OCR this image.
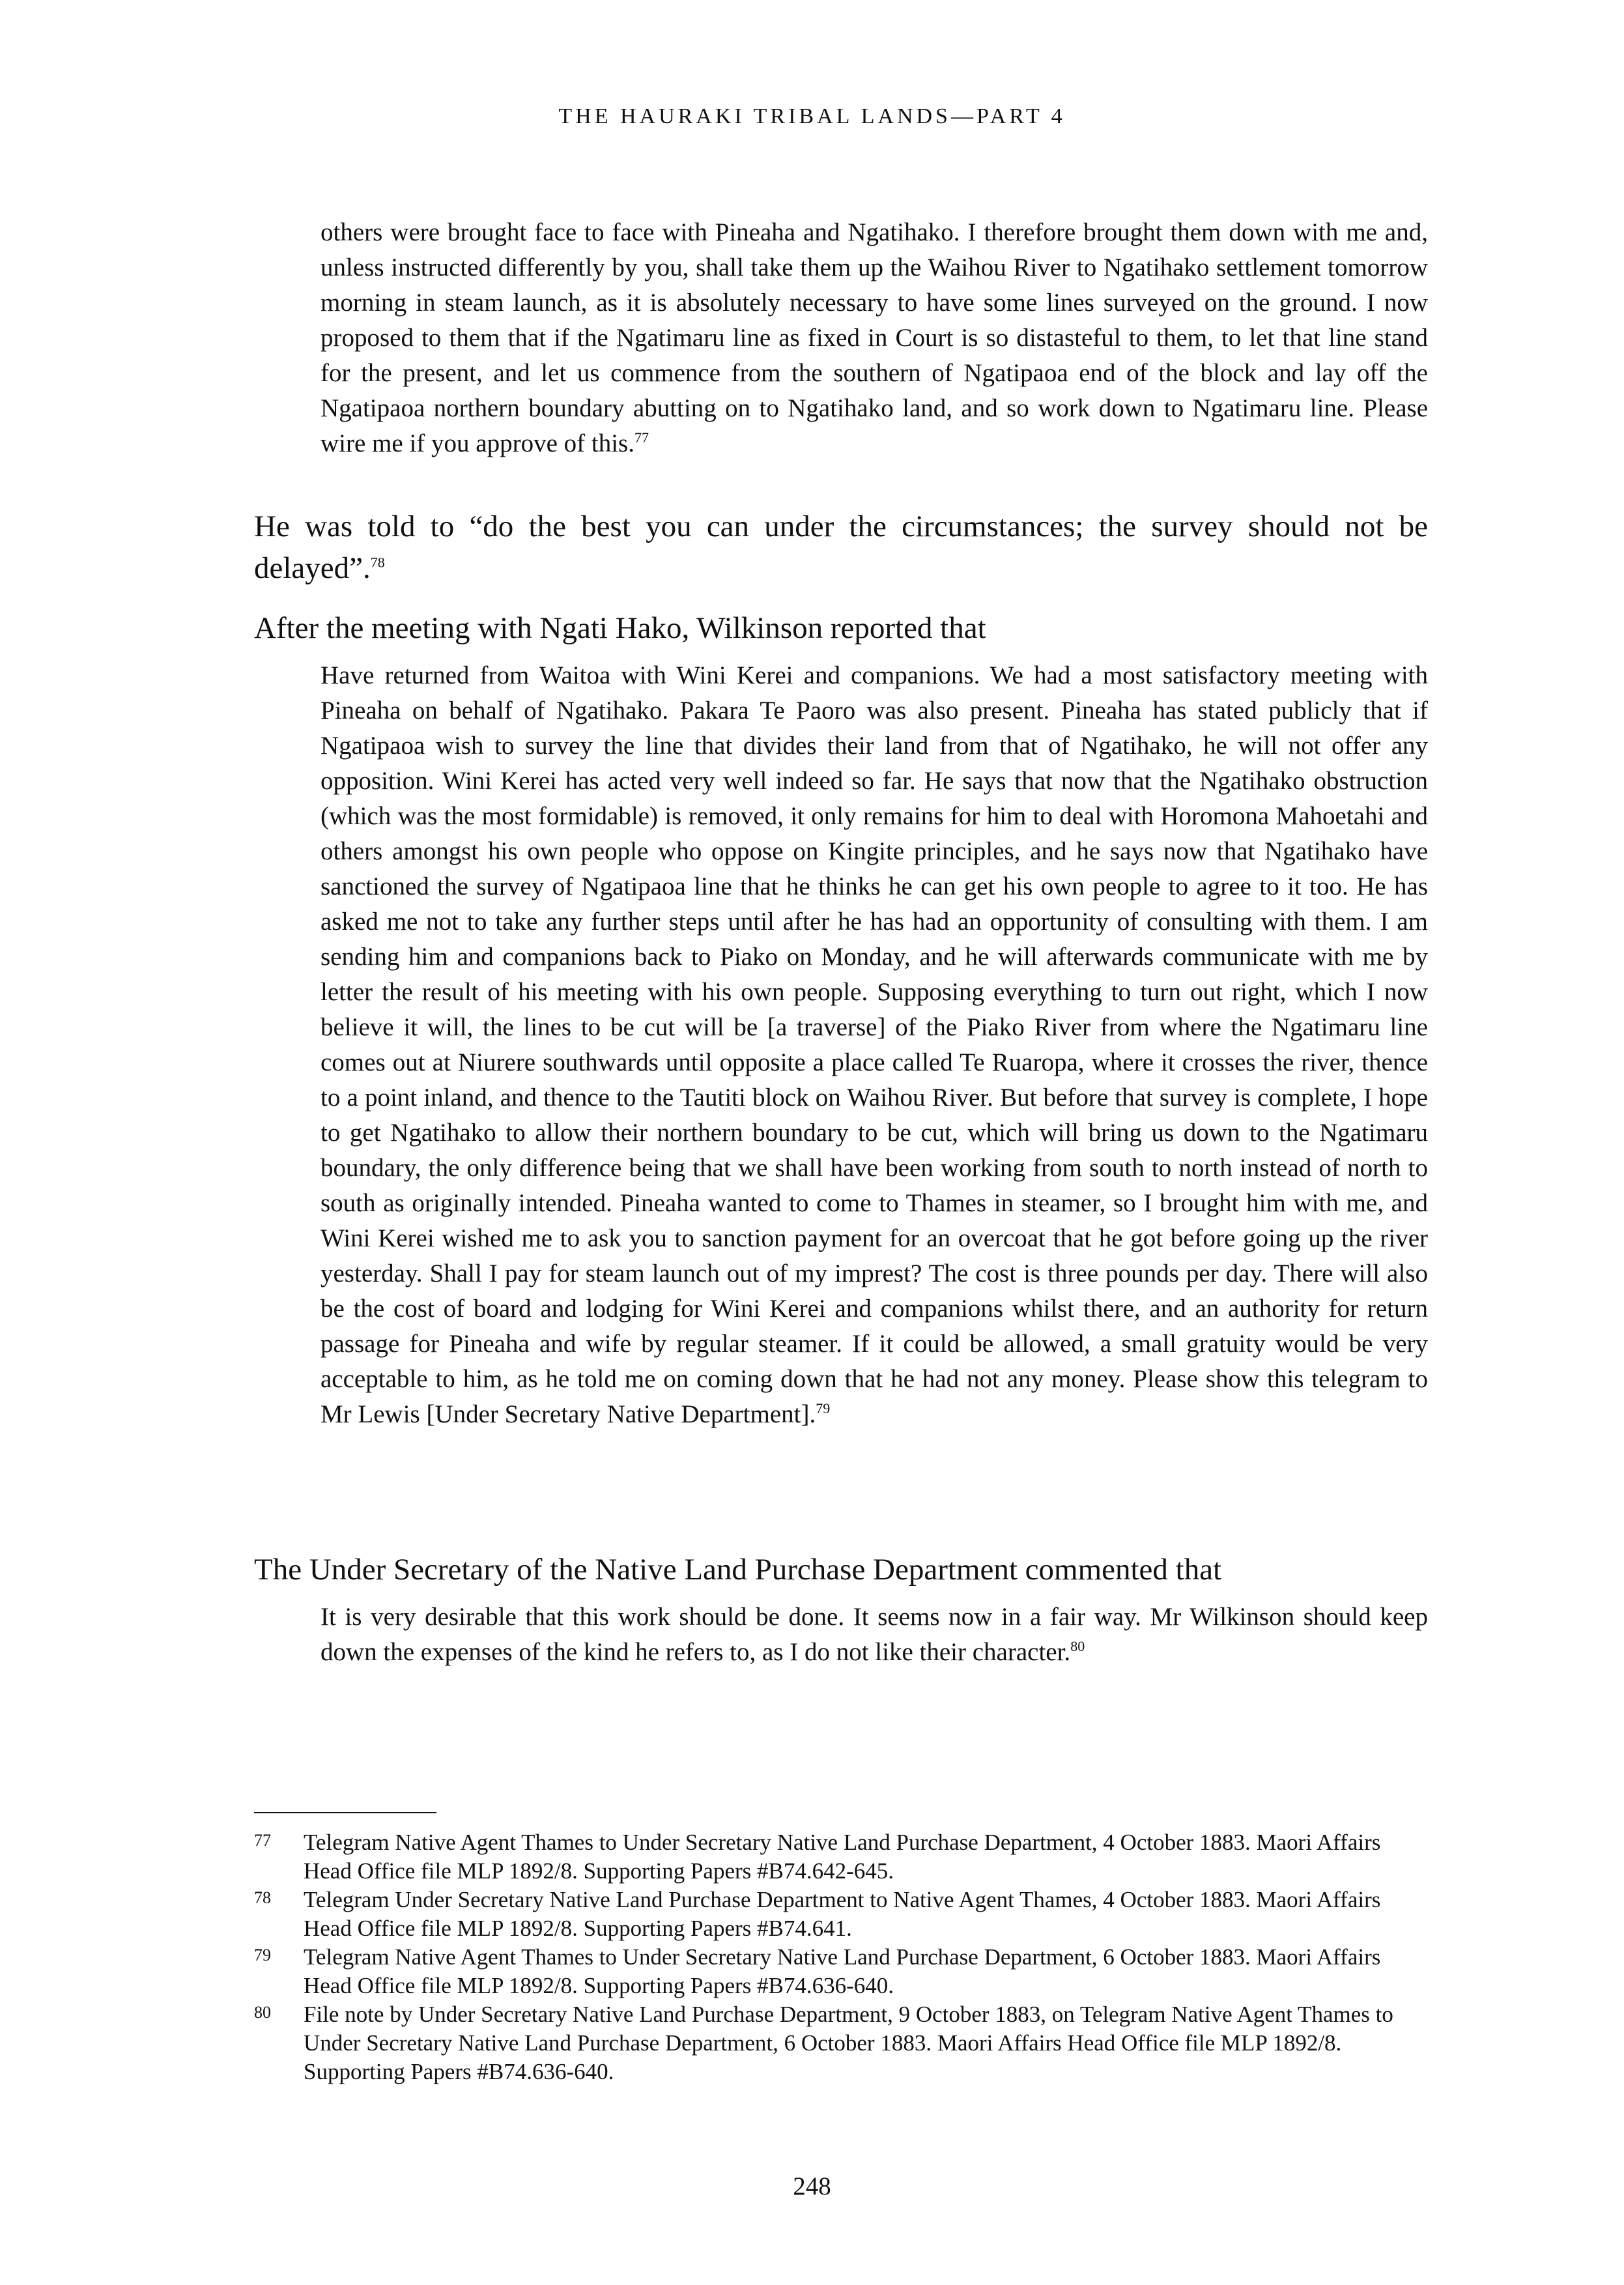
THE HAURAKI TRIBAL LANDS—PART 4
others were brought face to face with Pineaha and Ngatihako. I therefore brought them down with me and, unless instructed differently by you, shall take them up the Waihou River to Ngatihako settlement tomorrow morning in steam launch, as it is absolutely necessary to have some lines surveyed on the ground. I now proposed to them that if the Ngatimaru line as fixed in Court is so distasteful to them, to let that line stand for the present, and let us commence from the southern of Ngatipaoa end of the block and lay off the Ngatipaoa northern boundary abutting on to Ngatihako land, and so work down to Ngatimaru line. Please wire me if you approve of this.$^{77}$
He was told to “do the best you can under the circumstances; the survey should not be delayed”.$^{78}$
After the meeting with Ngati Hako, Wilkinson reported that
Have returned from Waitoa with Wini Kerei and companions. We had a most satisfactory meeting with Pineaha on behalf of Ngatihako. Pakara Te Paoro was also present. Pineaha has stated publicly that if Ngatipaoa wish to survey the line that divides their land from that of Ngatihako, he will not offer any opposition. Wini Kerei has acted very well indeed so far. He says that now that the Ngatihako obstruction (which was the most formidable) is removed, it only remains for him to deal with Horomona Mahoetahi and others amongst his own people who oppose on Kingite principles, and he says now that Ngatihako have sanctioned the survey of Ngatipaoa line that he thinks he can get his own people to agree to it too. He has asked me not to take any further steps until after he has had an opportunity of consulting with them. I am sending him and companions back to Piako on Monday, and he will afterwards communicate with me by letter the result of his meeting with his own people. Supposing everything to turn out right, which I now believe it will, the lines to be cut will be [a traverse] of the Piako River from where the Ngatimaru line comes out at Niurere southwards until opposite a place called Te Ruaropa, where it crosses the river, thence to a point inland, and thence to the Tautiti block on Waihou River. But before that survey is complete, I hope to get Ngatihako to allow their northern boundary to be cut, which will bring us down to the Ngatimaru boundary, the only difference being that we shall have been working from south to north instead of north to south as originally intended. Pineaha wanted to come to Thames in steamer, so I brought him with me, and Wini Kerei wished me to ask you to sanction payment for an overcoat that he got before going up the river yesterday. Shall I pay for steam launch out of my imprest? The cost is three pounds per day. There will also be the cost of board and lodging for Wini Kerei and companions whilst there, and an authority for return passage for Pineaha and wife by regular steamer. If it could be allowed, a small gratuity would be very acceptable to him, as he told me on coming down that he had not any money. Please show this telegram to Mr Lewis [Under Secretary Native Department].$^{79}$
The Under Secretary of the Native Land Purchase Department commented that
It is very desirable that this work should be done. It seems now in a fair way. Mr Wilkinson should keep down the expenses of the kind he refers to, as I do not like their character.$^{80}$
77	Telegram Native Agent Thames to Under Secretary Native Land Purchase Department, 4 October 1883. Maori Affairs Head Office file MLP 1892/8. Supporting Papers #B74.642-645.
78	Telegram Under Secretary Native Land Purchase Department to Native Agent Thames, 4 October 1883. Maori Affairs Head Office file MLP 1892/8. Supporting Papers #B74.641.
79	Telegram Native Agent Thames to Under Secretary Native Land Purchase Department, 6 October 1883. Maori Affairs Head Office file MLP 1892/8. Supporting Papers #B74.636-640.
80	File note by Under Secretary Native Land Purchase Department, 9 October 1883, on Telegram Native Agent Thames to Under Secretary Native Land Purchase Department, 6 October 1883. Maori Affairs Head Office file MLP 1892/8. Supporting Papers #B74.636-640.
248
